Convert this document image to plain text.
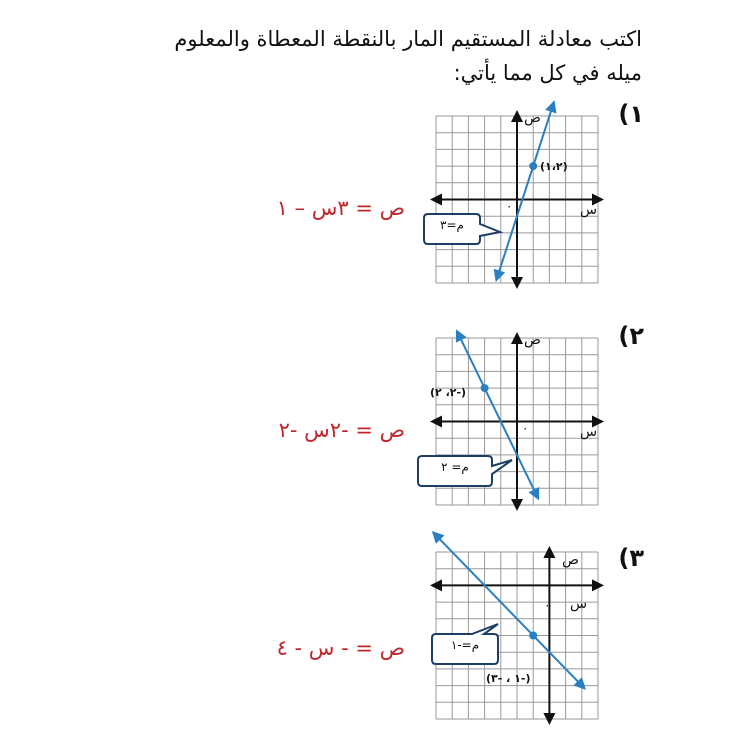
اكتب معادلة المستقيم المار بالنقطة المعطاة والمعلوم
ميله في كل مما يأتي:
١)
ص = ٣س – ١
ص
س
٠
(١،٢)
م=٣
٢)
ص = -٢س -٢
ص
س
٠
(-٢، ٢)
م= ٢
٣)
ص = - س - ٤
ص
س
٠
(-١ ، -٣)
م=-١
